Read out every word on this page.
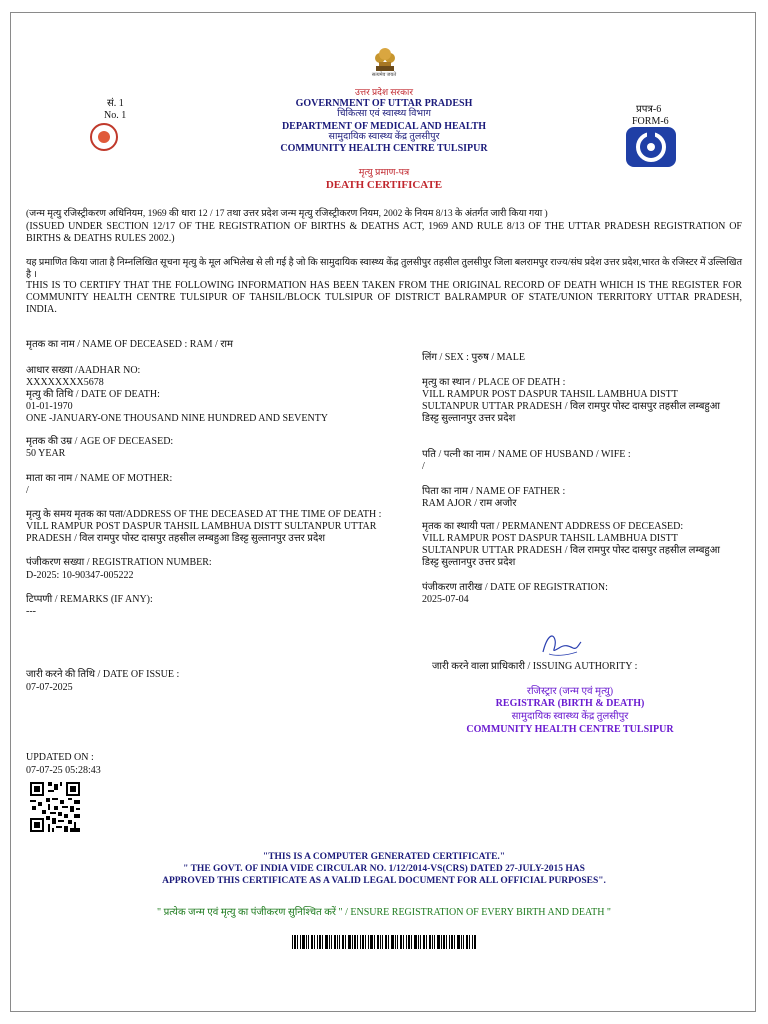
सत्यमेव जयते
उत्तर प्रदेश सरकार
GOVERNMENT OF UTTAR PRADESH
चिकित्सा एवं स्वास्थ्य विभाग
DEPARTMENT OF MEDICAL AND HEALTH
सामुदायिक स्वास्थ्य केंद्र तुलसीपुर
COMMUNITY HEALTH CENTRE TULSIPUR
मृत्यु प्रमाण-पत्र
DEATH CERTIFICATE
सं. 1
No. 1
प्रपत्र-6
FORM-6
(जन्म मृत्यु रजिस्ट्रीकरण अधिनियम, 1969 की धारा 12 / 17 तथा उत्तर प्रदेश जन्म मृत्यु रजिस्ट्रीकरण नियम, 2002 के नियम 8/13 के अंतर्गत जारी किया गया )
(ISSUED UNDER SECTION 12/17 OF THE REGISTRATION OF BIRTHS & DEATHS ACT, 1969 AND RULE 8/13 OF THE UTTAR PRADESH REGISTRATION OF BIRTHS & DEATHS RULES 2002.)
यह प्रमाणित किया जाता है निम्नलिखित सूचना मृत्यु के मूल अभिलेख से ली गई है जो कि सामुदायिक स्वास्थ्य केंद्र तुलसीपुर तहसील तुलसीपुर जिला बलरामपुर राज्य/संघ प्रदेश उत्तर प्रदेश,भारत के रजिस्टर में उल्लिखित है ।
THIS IS TO CERTIFY THAT THE FOLLOWING INFORMATION HAS BEEN TAKEN FROM THE ORIGINAL RECORD OF DEATH WHICH IS THE REGISTER FOR COMMUNITY HEALTH CENTRE TULSIPUR OF TAHSIL/BLOCK TULSIPUR OF DISTRICT BALRAMPUR OF STATE/UNION TERRITORY UTTAR PRADESH, INDIA.
मृतक का नाम / NAME OF DECEASED : RAM / राम
आधार सख्या /AADHAR NO:
XXXXXXXX5678
मृत्यु की तिथि / DATE OF DEATH:
01-01-1970
ONE -JANUARY-ONE THOUSAND NINE HUNDRED AND SEVENTY
मृतक की उम्र / AGE OF DECEASED:
50 YEAR
माता का नाम / NAME OF MOTHER:
/
मृत्यु के समय मृतक का पता/ADDRESS OF THE DECEASED AT THE TIME OF DEATH :
VILL RAMPUR POST DASPUR TAHSIL LAMBHUA DISTT SULTANPUR UTTAR PRADESH / विल रामपुर पोस्ट दासपुर तहसील लम्बहुआ डिस्ट्ट सुल्तानपुर उत्तर प्रदेश
पंजीकरण सख्या / REGISTRATION NUMBER:
D-2025: 10-90347-005222
टिप्पणी / REMARKS (IF ANY):
---
जारी करने की तिथि / DATE OF ISSUE :
07-07-2025
UPDATED ON :
07-07-25 05:28:43
लिंग / SEX : पुरुष / MALE
मृत्यु का स्थान / PLACE OF DEATH :
VILL RAMPUR POST DASPUR TAHSIL LAMBHUA DISTT SULTANPUR UTTAR PRADESH / विल रामपुर पोस्ट दासपुर तहसील लम्बहुआ डिस्ट्ट सुल्तानपुर उत्तर प्रदेश
पति / पत्नी का नाम / NAME OF HUSBAND / WIFE :
/
पिता का नाम / NAME OF FATHER :
RAM AJOR / राम अजोर
मृतक का स्थायी पता / PERMANENT ADDRESS OF DECEASED:
VILL RAMPUR POST DASPUR TAHSIL LAMBHUA DISTT SULTANPUR UTTAR PRADESH / विल रामपुर पोस्ट दासपुर तहसील लम्बहुआ डिस्ट्ट सुल्तानपुर उत्तर प्रदेश
पंजीकरण तारीख / DATE OF REGISTRATION:
2025-07-04
जारी करने वाला प्राधिकारी / ISSUING AUTHORITY :
रजिस्ट्रार (जन्म एवं मृत्यु)
REGISTRAR (BIRTH & DEATH)
सामुदायिक स्वास्थ्य केंद्र तुलसीपुर
COMMUNITY HEALTH CENTRE TULSIPUR
"THIS IS A COMPUTER GENERATED CERTIFICATE."
" THE GOVT. OF INDIA VIDE CIRCULAR NO. 1/12/2014-VS(CRS) DATED 27-JULY-2015 HAS
APPROVED THIS CERTIFICATE AS A VALID LEGAL DOCUMENT FOR ALL OFFICIAL PURPOSES".
" प्रत्येक जन्म एवं मृत्यु का पंजीकरण सुनिश्चित करें " / ENSURE REGISTRATION OF EVERY BIRTH AND DEATH "
